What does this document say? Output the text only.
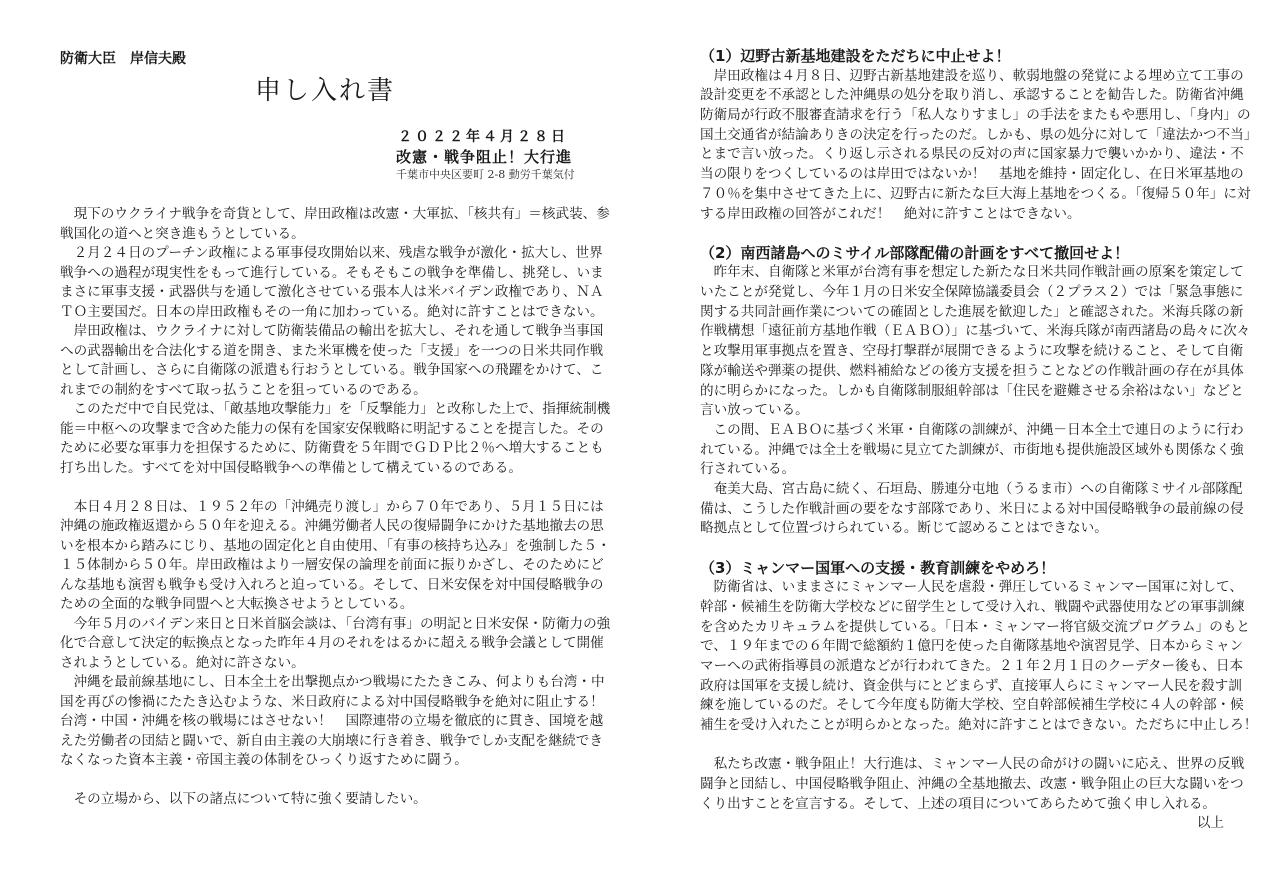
防衛大臣　岸信夫殿
申し入れ書
２０２２年４月２８日
改憲・戦争阻止！大行進
千葉市中央区要町 2-8 動労千葉気付
　現下のウクライナ戦争を奇貨として、岸田政権は改憲・大軍拡、「核共有」＝核武装、参
戦国化の道へと突き進もうとしている。
　２月２４日のプーチン政権による軍事侵攻開始以来、残虐な戦争が激化・拡大し、世界
戦争への過程が現実性をもって進行している。そもそもこの戦争を準備し、挑発し、いま
まさに軍事支援・武器供与を通して激化させている張本人は米バイデン政権であり、ＮＡ
ＴＯ主要国だ。日本の岸田政権もその一角に加わっている。絶対に許すことはできない。
　岸田政権は、ウクライナに対して防衛装備品の輸出を拡大し、それを通して戦争当事国
への武器輸出を合法化する道を開き、また米軍機を使った「支援」を一つの日米共同作戦
として計画し、さらに自衛隊の派遣も行おうとしている。戦争国家への飛躍をかけて、こ
れまでの制約をすべて取っ払うことを狙っているのである。
　このただ中で自民党は、「敵基地攻撃能力」を「反撃能力」と改称した上で、指揮統制機
能＝中枢への攻撃まで含めた能力の保有を国家安保戦略に明記することを提言した。その
ために必要な軍事力を担保するために、防衛費を５年間でＧＤＰ比２％へ増大することも
打ち出した。すべてを対中国侵略戦争への準備として構えているのである。
　本日４月２８日は、１９５２年の「沖縄売り渡し」から７０年であり、５月１５日には
沖縄の施政権返還から５０年を迎える。沖縄労働者人民の復帰闘争にかけた基地撤去の思
いを根本から踏みにじり、基地の固定化と自由使用、「有事の核持ち込み」を強制した５・
１５体制から５０年。岸田政権はより一層安保の論理を前面に振りかざし、そのためにど
んな基地も演習も戦争も受け入れろと迫っている。そして、日米安保を対中国侵略戦争の
ための全面的な戦争同盟へと大転換させようとしている。
　今年５月のバイデン来日と日米首脳会談は、「台湾有事」の明記と日米安保・防衛力の強
化で合意して決定的転換点となった昨年４月のそれをはるかに超える戦争会議として開催
されようとしている。絶対に許さない。
　沖縄を最前線基地にし、日本全土を出撃拠点かつ戦場にたたきこみ、何よりも台湾・中
国を再びの惨禍にたたき込むような、米日政府による対中国侵略戦争を絶対に阻止する！
台湾・中国・沖縄を核の戦場にはさせない！　国際連帯の立場を徹底的に貫き、国境を越
えた労働者の団結と闘いで、新自由主義の大崩壊に行き着き、戦争でしか支配を継続でき
なくなった資本主義・帝国主義の体制をひっくり返すために闘う。
　その立場から、以下の諸点について特に強く要請したい。
（1）辺野古新基地建設をただちに中止せよ！
　岸田政権は４月８日、辺野古新基地建設を巡り、軟弱地盤の発覚による埋め立て工事の
設計変更を不承認とした沖縄県の処分を取り消し、承認することを勧告した。防衛省沖縄
防衛局が行政不服審査請求を行う「私人なりすまし」の手法をまたもや悪用し、「身内」の
国土交通省が結論ありきの決定を行ったのだ。しかも、県の処分に対して「違法かつ不当」
とまで言い放った。くり返し示される県民の反対の声に国家暴力で襲いかかり、違法・不
当の限りをつくしているのは岸田ではないか！　基地を維持・固定化し、在日米軍基地の
７０％を集中させてきた上に、辺野古に新たな巨大海上基地をつくる。「復帰５０年」に対
する岸田政権の回答がこれだ！　絶対に許すことはできない。
（2）南西諸島へのミサイル部隊配備の計画をすべて撤回せよ！
　昨年末、自衛隊と米軍が台湾有事を想定した新たな日米共同作戦計画の原案を策定して
いたことが発覚し、今年１月の日米安全保障協議委員会（２プラス２）では「緊急事態に
関する共同計画作業についての確固とした進展を歓迎した」と確認された。米海兵隊の新
作戦構想「遠征前方基地作戦（ＥＡＢＯ）」に基づいて、米海兵隊が南西諸島の島々に次々
と攻撃用軍事拠点を置き、空母打撃群が展開できるように攻撃を続けること、そして自衛
隊が輸送や弾薬の提供、燃料補給などの後方支援を担うことなどの作戦計画の存在が具体
的に明らかになった。しかも自衛隊制服組幹部は「住民を避難させる余裕はない」などと
言い放っている。
　この間、ＥＡＢＯに基づく米軍・自衛隊の訓練が、沖縄－日本全土で連日のように行わ
れている。沖縄では全土を戦場に見立てた訓練が、市街地も提供施設区域外も関係なく強
行されている。
　奄美大島、宮古島に続く、石垣島、勝連分屯地（うるま市）への自衛隊ミサイル部隊配
備は、こうした作戦計画の要をなす部隊であり、米日による対中国侵略戦争の最前線の侵
略拠点として位置づけられている。断じて認めることはできない。
（3）ミャンマー国軍への支援・教育訓練をやめろ！
　防衛省は、いままさにミャンマー人民を虐殺・弾圧しているミャンマー国軍に対して、
幹部・候補生を防衛大学校などに留学生として受け入れ、戦闘や武器使用などの軍事訓練
を含めたカリキュラムを提供している。「日本・ミャンマー将官級交流プログラム」のもと
で、１９年までの６年間で総額約１億円を使った自衛隊基地や演習見学、日本からミャン
マーへの武術指導員の派遣などが行われてきた。２１年２月１日のクーデター後も、日本
政府は国軍を支援し続け、資金供与にとどまらず、直接軍人らにミャンマー人民を殺す訓
練を施しているのだ。そして今年度も防衛大学校、空自幹部候補生学校に４人の幹部・候
補生を受け入れたことが明らかとなった。絶対に許すことはできない。ただちに中止しろ！
　私たち改憲・戦争阻止！大行進は、ミャンマー人民の命がけの闘いに応え、世界の反戦
闘争と団結し、中国侵略戦争阻止、沖縄の全基地撤去、改憲・戦争阻止の巨大な闘いをつ
くり出すことを宣言する。そして、上述の項目についてあらためて強く申し入れる。
以上
